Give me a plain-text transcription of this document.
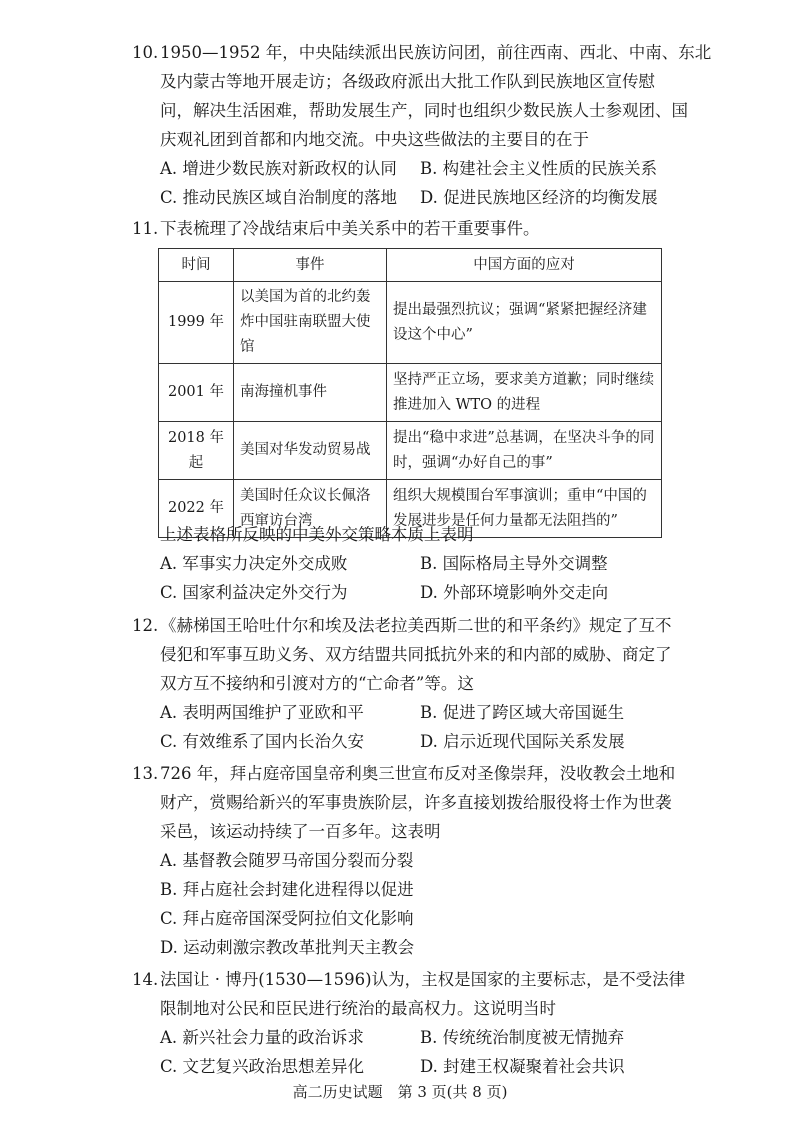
10. 1950—1952 年，中央陆续派出民族访问团，前往西南、西北、中南、东北
及内蒙古等地开展走访；各级政府派出大批工作队到民族地区宣传慰
问，解决生活困难，帮助发展生产，同时也组织少数民族人士参观团、国
庆观礼团到首都和内地交流。中央这些做法的主要目的在于
A. 增进少数民族对新政权的认同 B. 构建社会主义性质的民族关系
C. 推动民族区域自治制度的落地 D. 促进民族地区经济的均衡发展
11. 下表梳理了冷战结束后中美关系中的若干重要事件。
时间	事件	中国方面的应对
1999 年	以美国为首的北约轰炸中国驻南联盟大使馆	提出最强烈抗议；强调“紧紧把握经济建设这个中心”
2001 年	南海撞机事件	坚持严正立场，要求美方道歉；同时继续推进加入 WTO 的进程
2018 年起	美国对华发动贸易战	提出“稳中求进”总基调，在坚决斗争的同时，强调“办好自己的事”
2022 年	美国时任众议长佩洛西窜访台湾	组织大规模围台军事演训；重申“中国的发展进步是任何力量都无法阻挡的”
上述表格所反映的中美外交策略本质上表明
A. 军事实力决定外交成败	B. 国际格局主导外交调整
C. 国家利益决定外交行为	D. 外部环境影响外交走向
12. 《赫梯国王哈吐什尔和埃及法老拉美西斯二世的和平条约》规定了互不
侵犯和军事互助义务、双方结盟共同抵抗外来的和内部的威胁、商定了
双方互不接纳和引渡对方的“亡命者”等。这
A. 表明两国维护了亚欧和平	B. 促进了跨区域大帝国诞生
C. 有效维系了国内长治久安	D. 启示近现代国际关系发展
13. 726 年，拜占庭帝国皇帝利奥三世宣布反对圣像崇拜，没收教会土地和
财产，赏赐给新兴的军事贵族阶层，许多直接划拨给服役将士作为世袭
采邑，该运动持续了一百多年。这表明
A. 基督教会随罗马帝国分裂而分裂
B. 拜占庭社会封建化进程得以促进
C. 拜占庭帝国深受阿拉伯文化影响
D. 运动刺激宗教改革批判天主教会
14. 法国让 · 博丹(1530—1596)认为，主权是国家的主要标志，是不受法律
限制地对公民和臣民进行统治的最高权力。这说明当时
A. 新兴社会力量的政治诉求	B. 传统统治制度被无情抛弃
C. 文艺复兴政治思想差异化	D. 封建王权凝聚着社会共识
高二历史试题　第 3 页(共 8 页)
